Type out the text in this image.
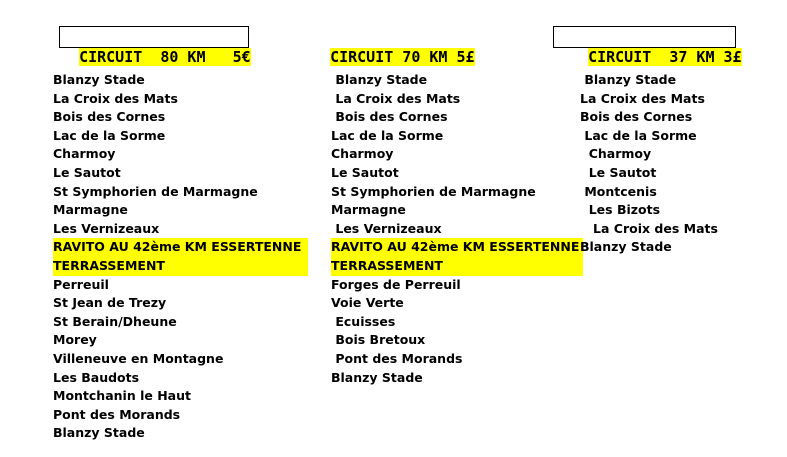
CIRCUIT  80 KM   5€	CIRCUIT 70 KM 5£	CIRCUIT  37 KM 3£

Blanzy Stade
La Croix des Mats
Bois des Cornes
Lac de la Sorme
Charmoy
Le Sautot
St Symphorien de Marmagne
Marmagne
Les Vernizeaux
RAVITO AU 42ème KM ESSERTENNE
TERRASSEMENT
Perreuil
St Jean de Trezy
St Berain/Dheune
Morey
Villeneuve en Montagne
Les Baudots
Montchanin le Haut
Pont des Morands
Blanzy Stade
Blanzy Stade
La Croix des Mats
Bois des Cornes
Lac de la Sorme
Charmoy
Le Sautot
St Symphorien de Marmagne
Marmagne
Les Vernizeaux
RAVITO AU 42ème KM ESSERTENNE
TERRASSEMENT
Forges de Perreuil
Voie Verte
Ecuisses
Bois Bretoux
Pont des Morands
Blanzy Stade
Blanzy Stade
La Croix des Mats
Bois des Cornes
Lac de la Sorme
Charmoy
Le Sautot
Montcenis
Les Bizots
La Croix des Mats
Blanzy Stade
